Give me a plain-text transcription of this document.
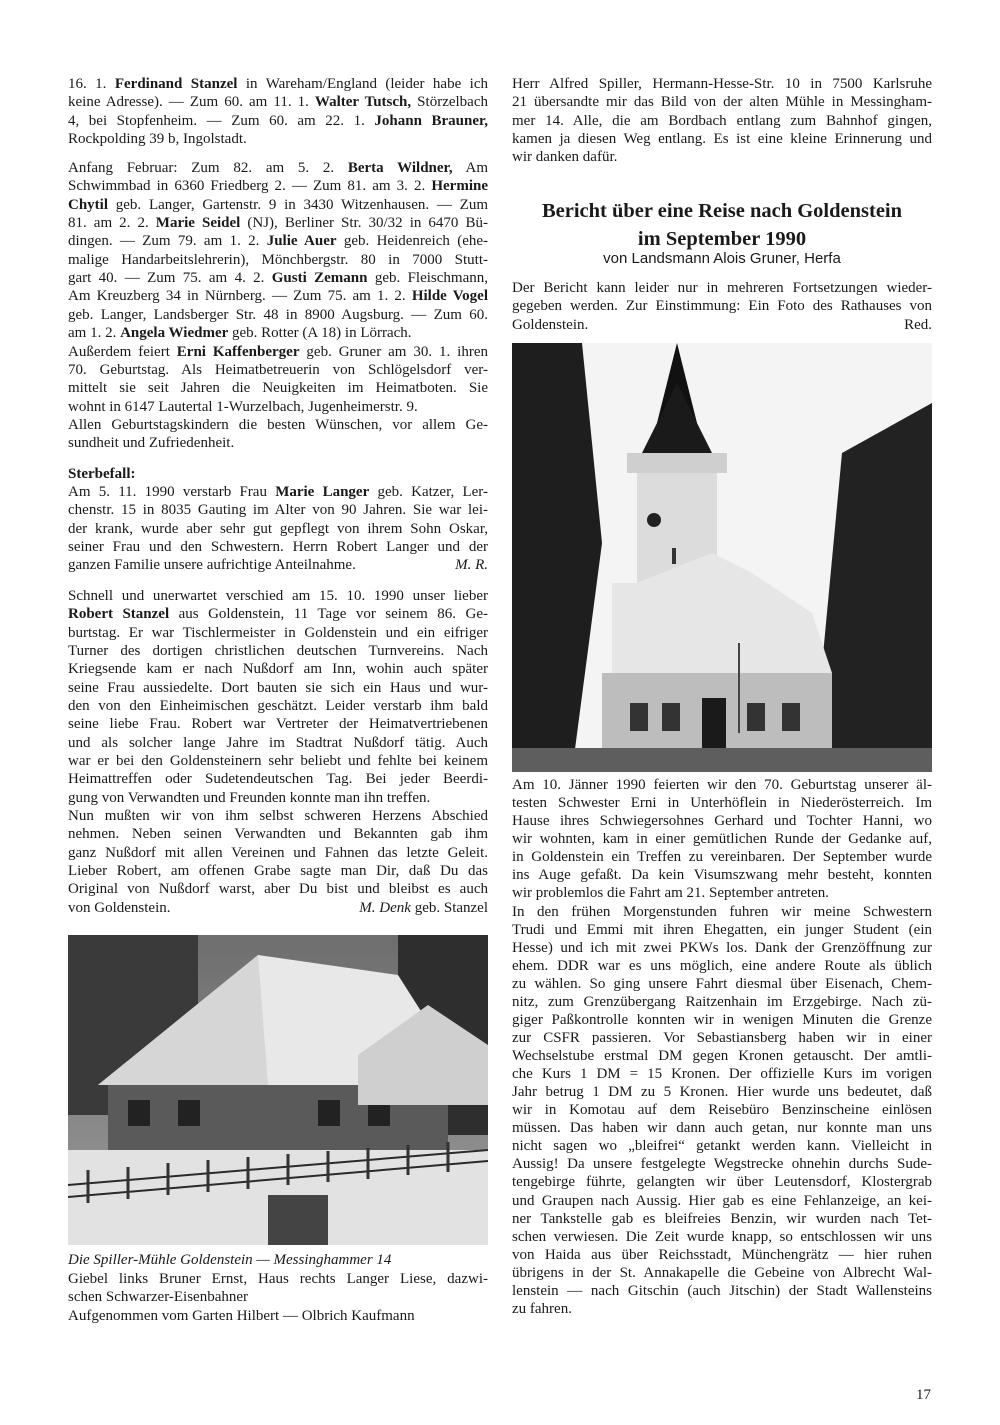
16. 1. Ferdinand Stanzel in Wareham/England (leider habe ich
keine Adresse). — Zum 60. am 11. 1. Walter Tutsch, Störzelbach
4, bei Stopfenheim. — Zum 60. am 22. 1. Johann Brauner,
Rockpolding 39 b, Ingolstadt.
Anfang Februar: Zum 82. am 5. 2. Berta Wildner, Am
Schwimmbad in 6360 Friedberg 2. — Zum 81. am 3. 2. Hermine
Chytil geb. Langer, Gartenstr. 9 in 3430 Witzenhausen. — Zum
81. am 2. 2. Marie Seidel (NJ), Berliner Str. 30/32 in 6470 Bü-
dingen. — Zum 79. am 1. 2. Julie Auer geb. Heidenreich (ehe-
malige Handarbeitslehrerin), Mönchbergstr. 80 in 7000 Stutt-
gart 40. — Zum 75. am 4. 2. Gusti Zemann geb. Fleischmann,
Am Kreuzberg 34 in Nürnberg. — Zum 75. am 1. 2. Hilde Vogel
geb. Langer, Landsberger Str. 48 in 8900 Augsburg. — Zum 60.
am 1. 2. Angela Wiedmer geb. Rotter (A 18) in Lörrach.
Außerdem feiert Erni Kaffenberger geb. Gruner am 30. 1. ihren
70. Geburtstag. Als Heimatbetreuerin von Schlögelsdorf ver-
mittelt sie seit Jahren die Neuigkeiten im Heimatboten. Sie
wohnt in 6147 Lautertal 1-Wurzelbach, Jugenheimerstr. 9.
Allen Geburtstagskindern die besten Wünschen, vor allem Ge-
sundheit und Zufriedenheit.
Sterbefall:
Am 5. 11. 1990 verstarb Frau Marie Langer geb. Katzer, Ler-
chenstr. 15 in 8035 Gauting im Alter von 90 Jahren. Sie war lei-
der krank, wurde aber sehr gut gepflegt von ihrem Sohn Oskar,
seiner Frau und den Schwestern. Herrn Robert Langer und der
ganzen Familie unsere aufrichtige Anteilnahme.	M. R.
Schnell und unerwartet verschied am 15. 10. 1990 unser lieber
Robert Stanzel aus Goldenstein, 11 Tage vor seinem 86. Ge-
burtstag. Er war Tischlermeister in Goldenstein und ein eifriger
Turner des dortigen christlichen deutschen Turnvereins. Nach
Kriegsende kam er nach Nußdorf am Inn, wohin auch später
seine Frau aussiedelte. Dort bauten sie sich ein Haus und wur-
den von den Einheimischen geschätzt. Leider verstarb ihm bald
seine liebe Frau. Robert war Vertreter der Heimatvertriebenen
und als solcher lange Jahre im Stadtrat Nußdorf tätig. Auch
war er bei den Goldensteinern sehr beliebt und fehlte bei keinem
Heimattreffen oder Sudetendeutschen Tag. Bei jeder Beerdi-
gung von Verwandten und Freunden konnte man ihn treffen.
Nun mußten wir von ihm selbst schweren Herzens Abschied
nehmen. Neben seinen Verwandten und Bekannten gab ihm
ganz Nußdorf mit allen Vereinen und Fahnen das letzte Geleit.
Lieber Robert, am offenen Grabe sagte man Dir, daß Du das
Original von Nußdorf warst, aber Du bist und bleibst es auch
von Goldenstein.	M. Denk geb. Stanzel
Die Spiller-Mühle Goldenstein — Messinghammer 14
Giebel links Bruner Ernst, Haus rechts Langer Liese, dazwi-
schen Schwarzer-Eisenbahner
Aufgenommen vom Garten Hilbert — Olbrich Kaufmann
Herr Alfred Spiller, Hermann-Hesse-Str. 10 in 7500 Karlsruhe
21 übersandte mir das Bild von der alten Mühle in Messingham-
mer 14. Alle, die am Bordbach entlang zum Bahnhof gingen,
kamen ja diesen Weg entlang. Es ist eine kleine Erinnerung und
wir danken dafür.
Bericht über eine Reise nach Goldenstein
im September 1990
von Landsmann Alois Gruner, Herfa
Der Bericht kann leider nur in mehreren Fortsetzungen wieder-
gegeben werden. Zur Einstimmung: Ein Foto des Rathauses von
Goldenstein.	Red.
Am 10. Jänner 1990 feierten wir den 70. Geburtstag unserer äl-
testen Schwester Erni in Unterhöflein in Niederösterreich. Im
Hause ihres Schwiegersohnes Gerhard und Tochter Hanni, wo
wir wohnten, kam in einer gemütlichen Runde der Gedanke auf,
in Goldenstein ein Treffen zu vereinbaren. Der September wurde
ins Auge gefaßt. Da kein Visumszwang mehr besteht, konnten
wir problemlos die Fahrt am 21. September antreten.
In den frühen Morgenstunden fuhren wir meine Schwestern
Trudi und Emmi mit ihren Ehegatten, ein junger Student (ein
Hesse) und ich mit zwei PKWs los. Dank der Grenzöffnung zur
ehem. DDR war es uns möglich, eine andere Route als üblich
zu wählen. So ging unsere Fahrt diesmal über Eisenach, Chem-
nitz, zum Grenzübergang Raitzenhain im Erzgebirge. Nach zü-
giger Paßkontrolle konnten wir in wenigen Minuten die Grenze
zur CSFR passieren. Vor Sebastiansberg haben wir in einer
Wechselstube erstmal DM gegen Kronen getauscht. Der amtli-
che Kurs 1 DM = 15 Kronen. Der offizielle Kurs im vorigen
Jahr betrug 1 DM zu 5 Kronen. Hier wurde uns bedeutet, daß
wir in Komotau auf dem Reisebüro Benzinscheine einlösen
müssen. Das haben wir dann auch getan, nur konnte man uns
nicht sagen wo „bleifrei“ getankt werden kann. Vielleicht in
Aussig! Da unsere festgelegte Wegstrecke ohnehin durchs Sude-
tengebirge führte, gelangten wir über Leutensdorf, Klostergrab
und Graupen nach Aussig. Hier gab es eine Fehlanzeige, an kei-
ner Tankstelle gab es bleifreies Benzin, wir wurden nach Tet-
schen verwiesen. Die Zeit wurde knapp, so entschlossen wir uns
von Haida aus über Reichsstadt, Münchengrätz — hier ruhen
übrigens in der St. Annakapelle die Gebeine von Albrecht Wal-
lenstein — nach Gitschin (auch Jitschin) der Stadt Wallensteins
zu fahren.
17
